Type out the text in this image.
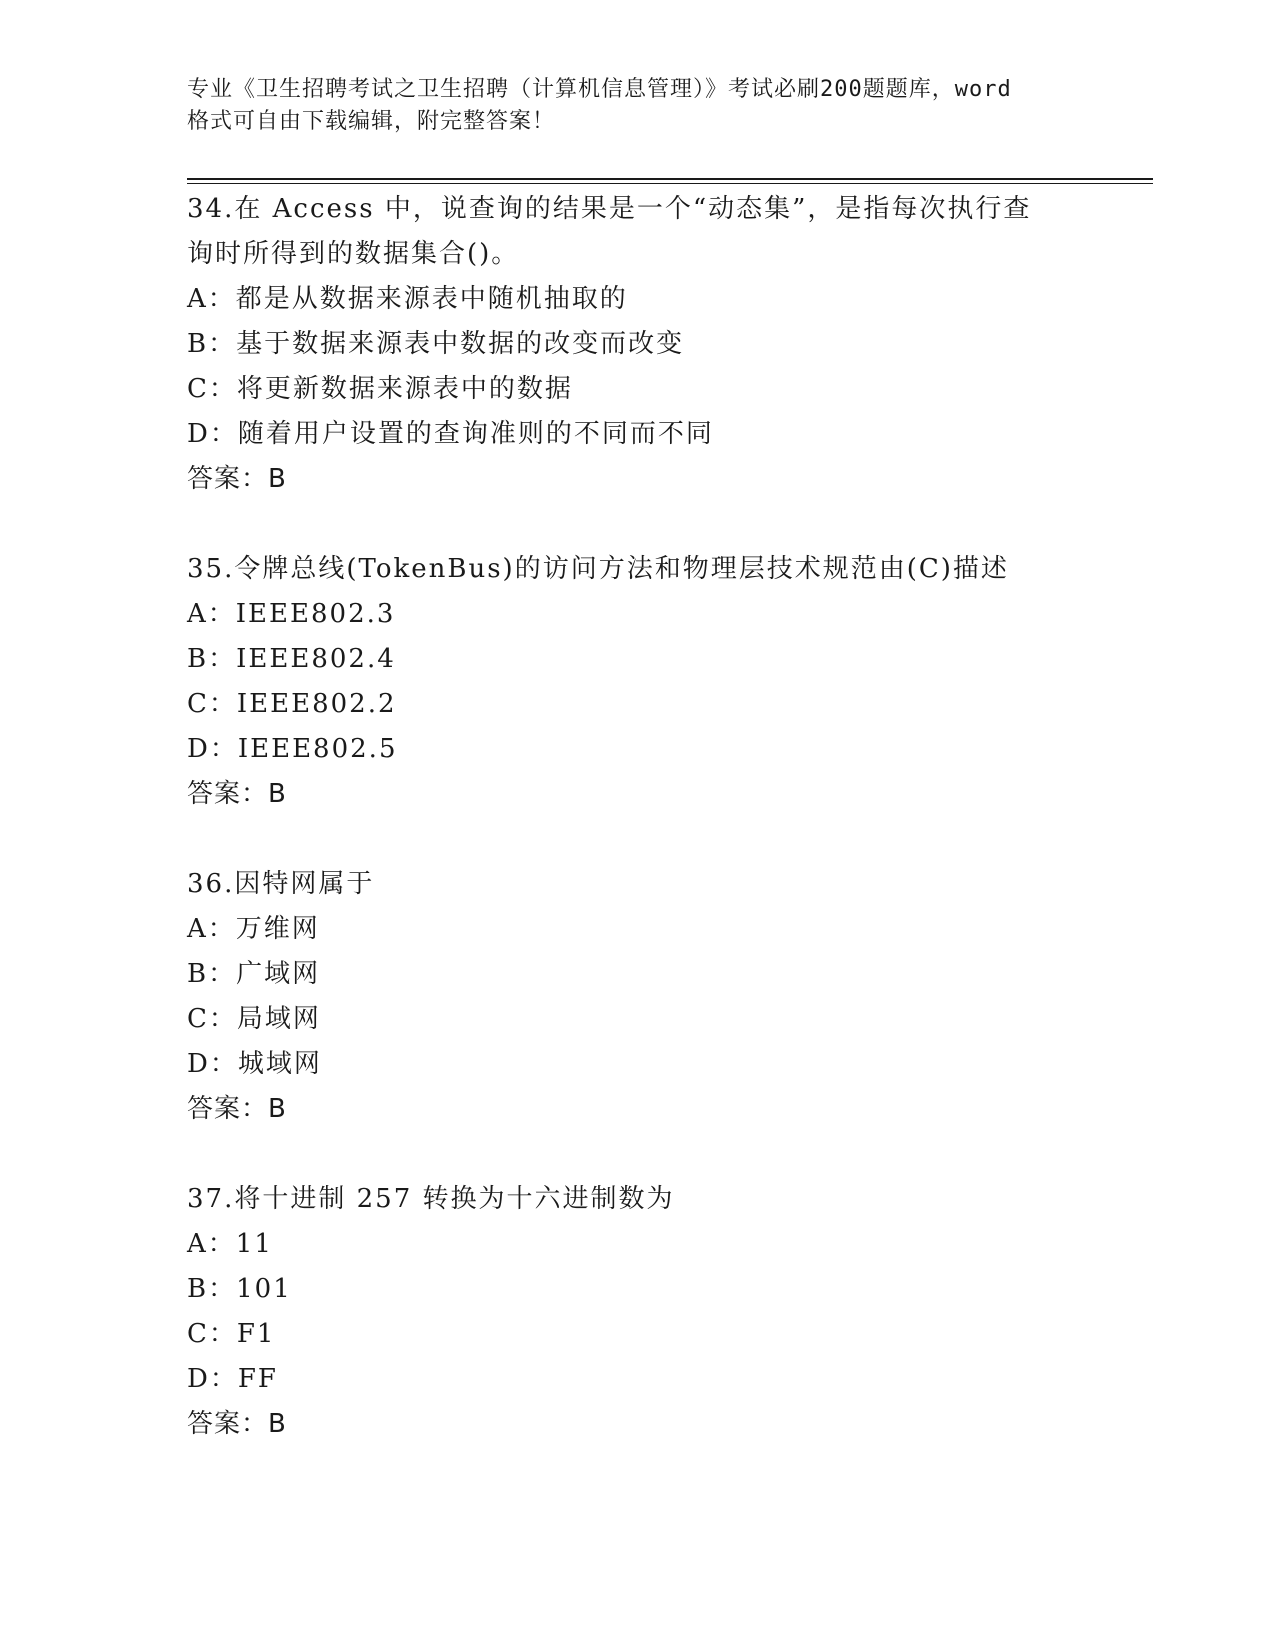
专业《卫生招聘考试之卫生招聘（计算机信息管理）》考试必刷200题题库，word
格式可自由下载编辑，附完整答案！
34.在 Access 中，说查询的结果是一个“动态集”，是指每次执行查
询时所得到的数据集合()。
A：都是从数据来源表中随机抽取的
B：基于数据来源表中数据的改变而改变
C：将更新数据来源表中的数据
D：随着用户设置的查询准则的不同而不同
答案：B
35.令牌总线(TokenBus)的访问方法和物理层技术规范由(C)描述
A：IEEE802.3
B：IEEE802.4
C：IEEE802.2
D：IEEE802.5
答案：B
36.因特网属于
A：万维网
B：广域网
C：局域网
D：城域网
答案：B
37.将十进制 257 转换为十六进制数为
A：11
B：101
C：F1
D：FF
答案：B
